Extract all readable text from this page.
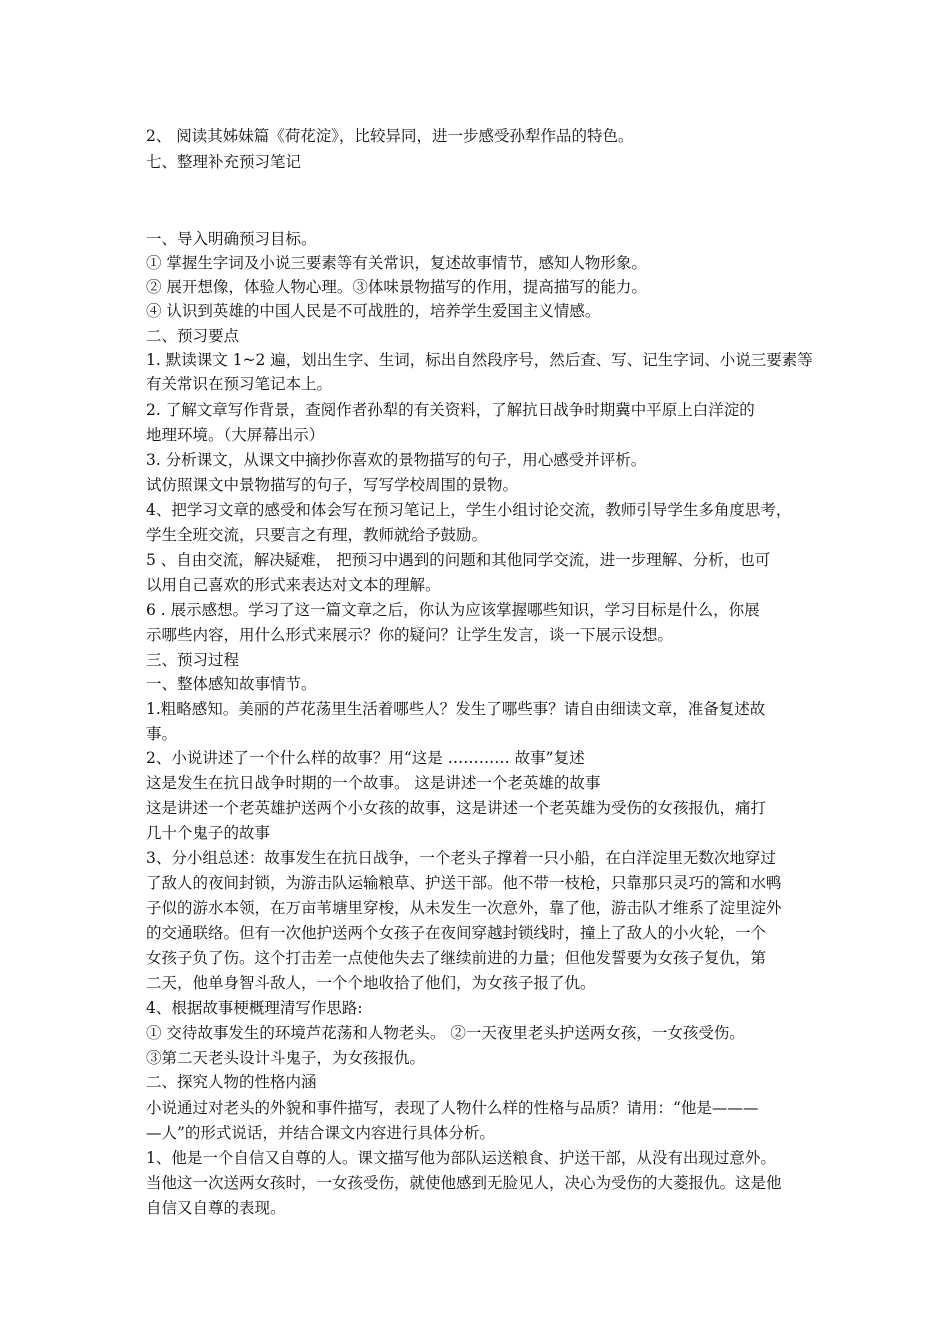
2、 阅读其姊妹篇《荷花淀》，比较异同，进一步感受孙犁作品的特色。
七、整理补充预习笔记
一、导入明确预习目标。
① 掌握生字词及小说三要素等有关常识，复述故事情节，感知人物形象。
② 展开想像，体验人物心理。③体味景物描写的作用，提高描写的能力。
④ 认识到英雄的中国人民是不可战胜的，培养学生爱国主义情感。
二、预习要点
1. 默读课文 1~2 遍，划出生字、生词，标出自然段序号，然后查、写、记生字词、小说三要素等
有关常识在预习笔记本上。
2. 了解文章写作背景，查阅作者孙犁的有关资料，了解抗日战争时期冀中平原上白洋淀的
地理环境。（大屏幕出示）
3. 分析课文，从课文中摘抄你喜欢的景物描写的句子，用心感受并评析。
试仿照课文中景物描写的句子，写写学校周围的景物。
4、把学习文章的感受和体会写在预习笔记上，学生小组讨论交流，教师引导学生多角度思考，
学生全班交流，只要言之有理，教师就给予鼓励。
5 、自由交流，解决疑难， 把预习中遇到的问题和其他同学交流，进一步理解、分析，也可
以用自己喜欢的形式来表达对文本的理解。
6 . 展示感想。学习了这一篇文章之后，你认为应该掌握哪些知识，学习目标是什么，你展
示哪些内容，用什么形式来展示？你的疑问？让学生发言，谈一下展示设想。
三、预习过程
一、整体感知故事情节。
1.粗略感知。美丽的芦花荡里生活着哪些人？发生了哪些事？请自由细读文章，准备复述故
事。
2、小说讲述了一个什么样的故事？用“这是 ………… 故事”复述
这是发生在抗日战争时期的一个故事。 这是讲述一个老英雄的故事
这是讲述一个老英雄护送两个小女孩的故事，这是讲述一个老英雄为受伤的女孩报仇，痛打
几十个鬼子的故事
3、分小组总述：故事发生在抗日战争，一个老头子撑着一只小船，在白洋淀里无数次地穿过
了敌人的夜间封锁，为游击队运输粮草、护送干部。他不带一枝枪，只靠那只灵巧的篙和水鸭
子似的游水本领，在万亩苇塘里穿梭，从未发生一次意外，靠了他，游击队才维系了淀里淀外
的交通联络。但有一次他护送两个女孩子在夜间穿越封锁线时，撞上了敌人的小火轮，一个
女孩子负了伤。这个打击差一点使他失去了继续前进的力量；但他发誓要为女孩子复仇，第
二天，他单身智斗敌人，一个个地收拾了他们，为女孩子报了仇。
4、根据故事梗概理清写作思路:
① 交待故事发生的环境芦花荡和人物老头。 ②一天夜里老头护送两女孩，一女孩受伤。
③第二天老头设计斗鬼子，为女孩报仇。
二、探究人物的性格内涵
小说通过对老头的外貌和事件描写，表现了人物什么样的性格与品质？请用：“他是———
—人”的形式说话，并结合课文内容进行具体分析。
1、他是一个自信又自尊的人。课文描写他为部队运送粮食、护送干部，从没有出现过意外。
当他这一次送两女孩时，一女孩受伤，就使他感到无脸见人，决心为受伤的大菱报仇。这是他
自信又自尊的表现。
